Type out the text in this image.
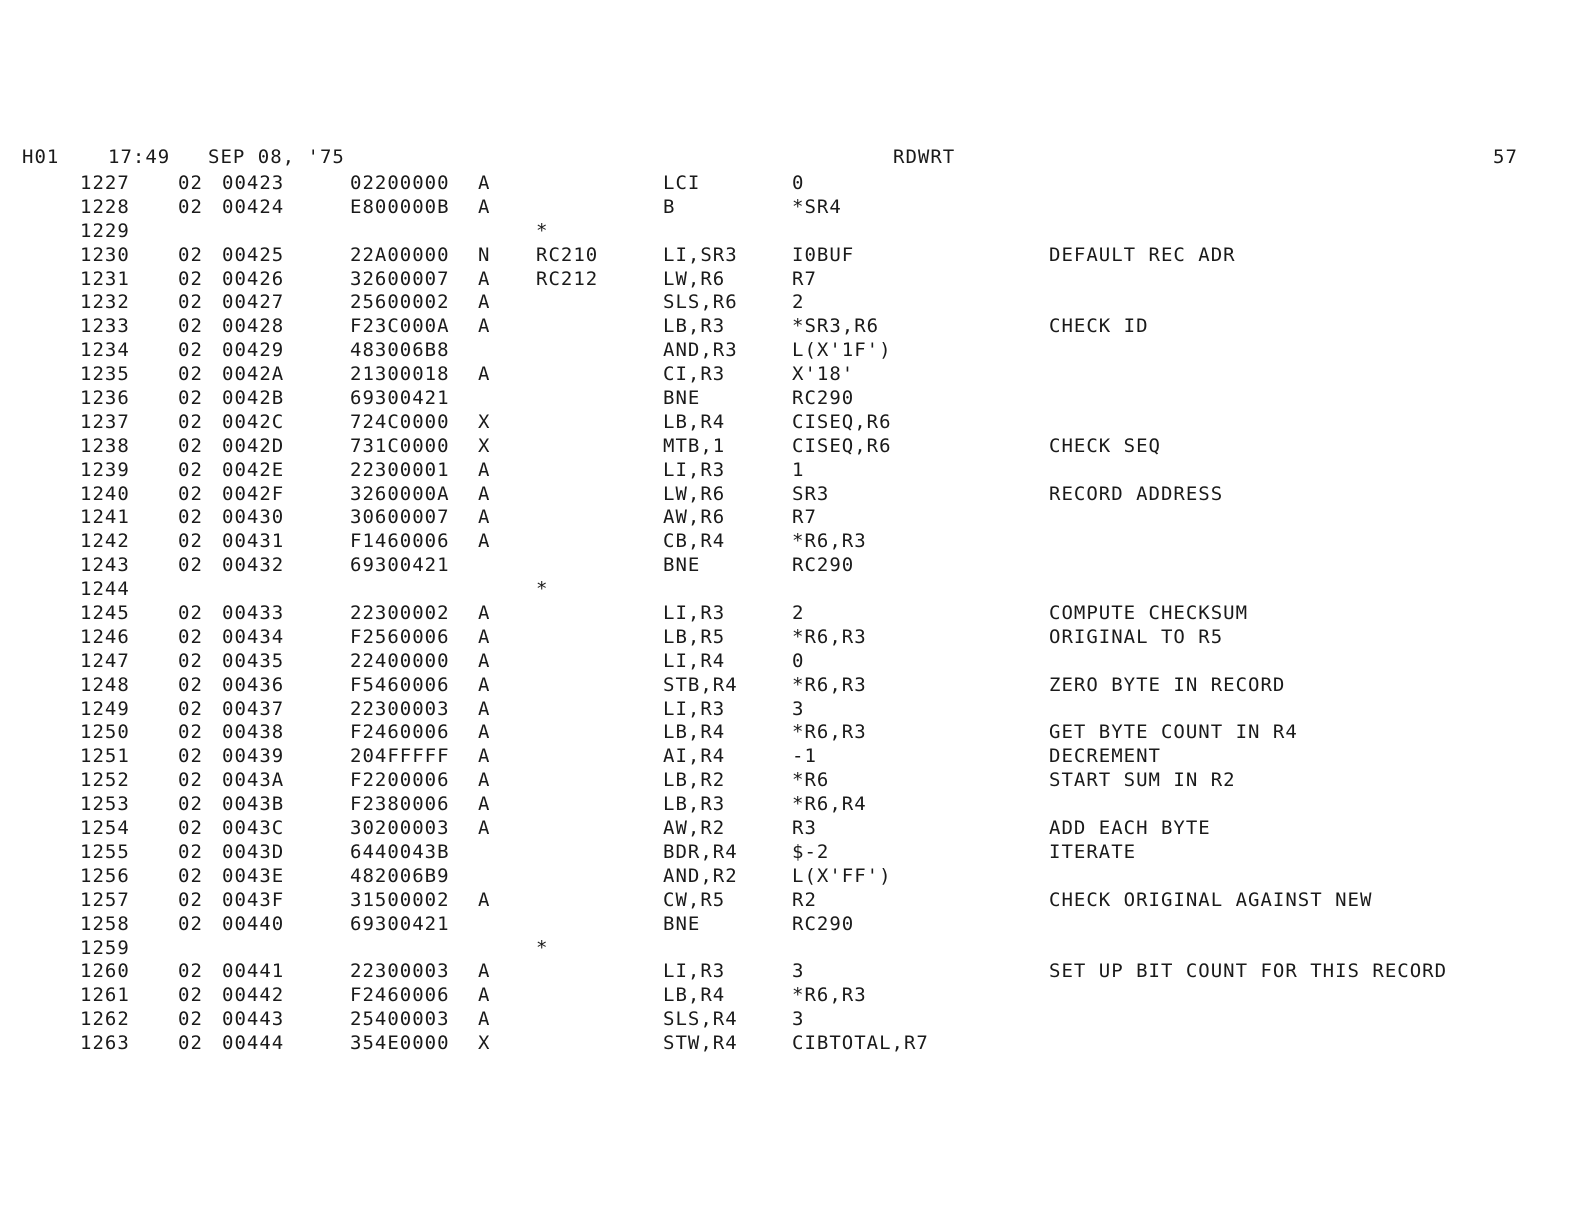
H01

	17:49

SEP 08, '75

	RDWRT

	57

1227	02 00423	02200000 A	LCI	0
1228	02 00424	E800000B A	B	*SR4
1229	*
1230	02 00425	22A00000 N RC210	LI,SR3	I0BUF	DEFAULT REC ADR
1231	02 00426	32600007 A RC212	LW,R6	R7
1232	02 00427	25600002 A	SLS,R6	2
1233	02 00428	F23C000A A	LB,R3	*SR3,R6	CHECK ID
1234	02 00429	483006B8	AND,R3	L(X'1F')
1235	02 0042A	21300018 A	CI,R3	X'18'
1236	02 0042B	69300421	BNE	RC290
1237	02 0042C	724C0000 X	LB,R4	CISEQ,R6
1238	02 0042D	731C0000 X	MTB,1	CISEQ,R6	CHECK SEQ
1239	02 0042E	22300001 A	LI,R3	1
1240	02 0042F	3260000A A	LW,R6	SR3	RECORD ADDRESS
1241	02 00430	30600007 A	AW,R6	R7
1242	02 00431	F1460006 A	CB,R4	*R6,R3
1243	02 00432	69300421	BNE	RC290
1244	*
1245	02 00433	22300002 A	LI,R3	2	COMPUTE CHECKSUM
1246	02 00434	F2560006 A	LB,R5	*R6,R3	ORIGINAL TO R5
1247	02 00435	22400000 A	LI,R4	0
1248	02 00436	F5460006 A	STB,R4	*R6,R3	ZERO BYTE IN RECORD
1249	02 00437	22300003 A	LI,R3	3
1250	02 00438	F2460006 A	LB,R4	*R6,R3	GET BYTE COUNT IN R4
1251	02 00439	204FFFFF A	AI,R4	-1	DECREMENT
1252	02 0043A	F2200006 A	LB,R2	*R6	START SUM IN R2
1253	02 0043B	F2380006 A	LB,R3	*R6,R4
1254	02 0043C	30200003 A	AW,R2	R3	ADD EACH BYTE
1255	02 0043D	6440043B	BDR,R4	$-2	ITERATE
1256	02 0043E	482006B9	AND,R2	L(X'FF')
1257	02 0043F	31500002 A	CW,R5	R2	CHECK ORIGINAL AGAINST NEW
1258	02 00440	69300421	BNE	RC290
1259	*
1260	02 00441	22300003 A	LI,R3	3	SET UP BIT COUNT FOR THIS RECORD
1261	02 00442	F2460006 A	LB,R4	*R6,R3
1262	02 00443	25400003 A	SLS,R4	3
1263	02 00444	354E0000 X	STW,R4	CIBTOTAL,R7
